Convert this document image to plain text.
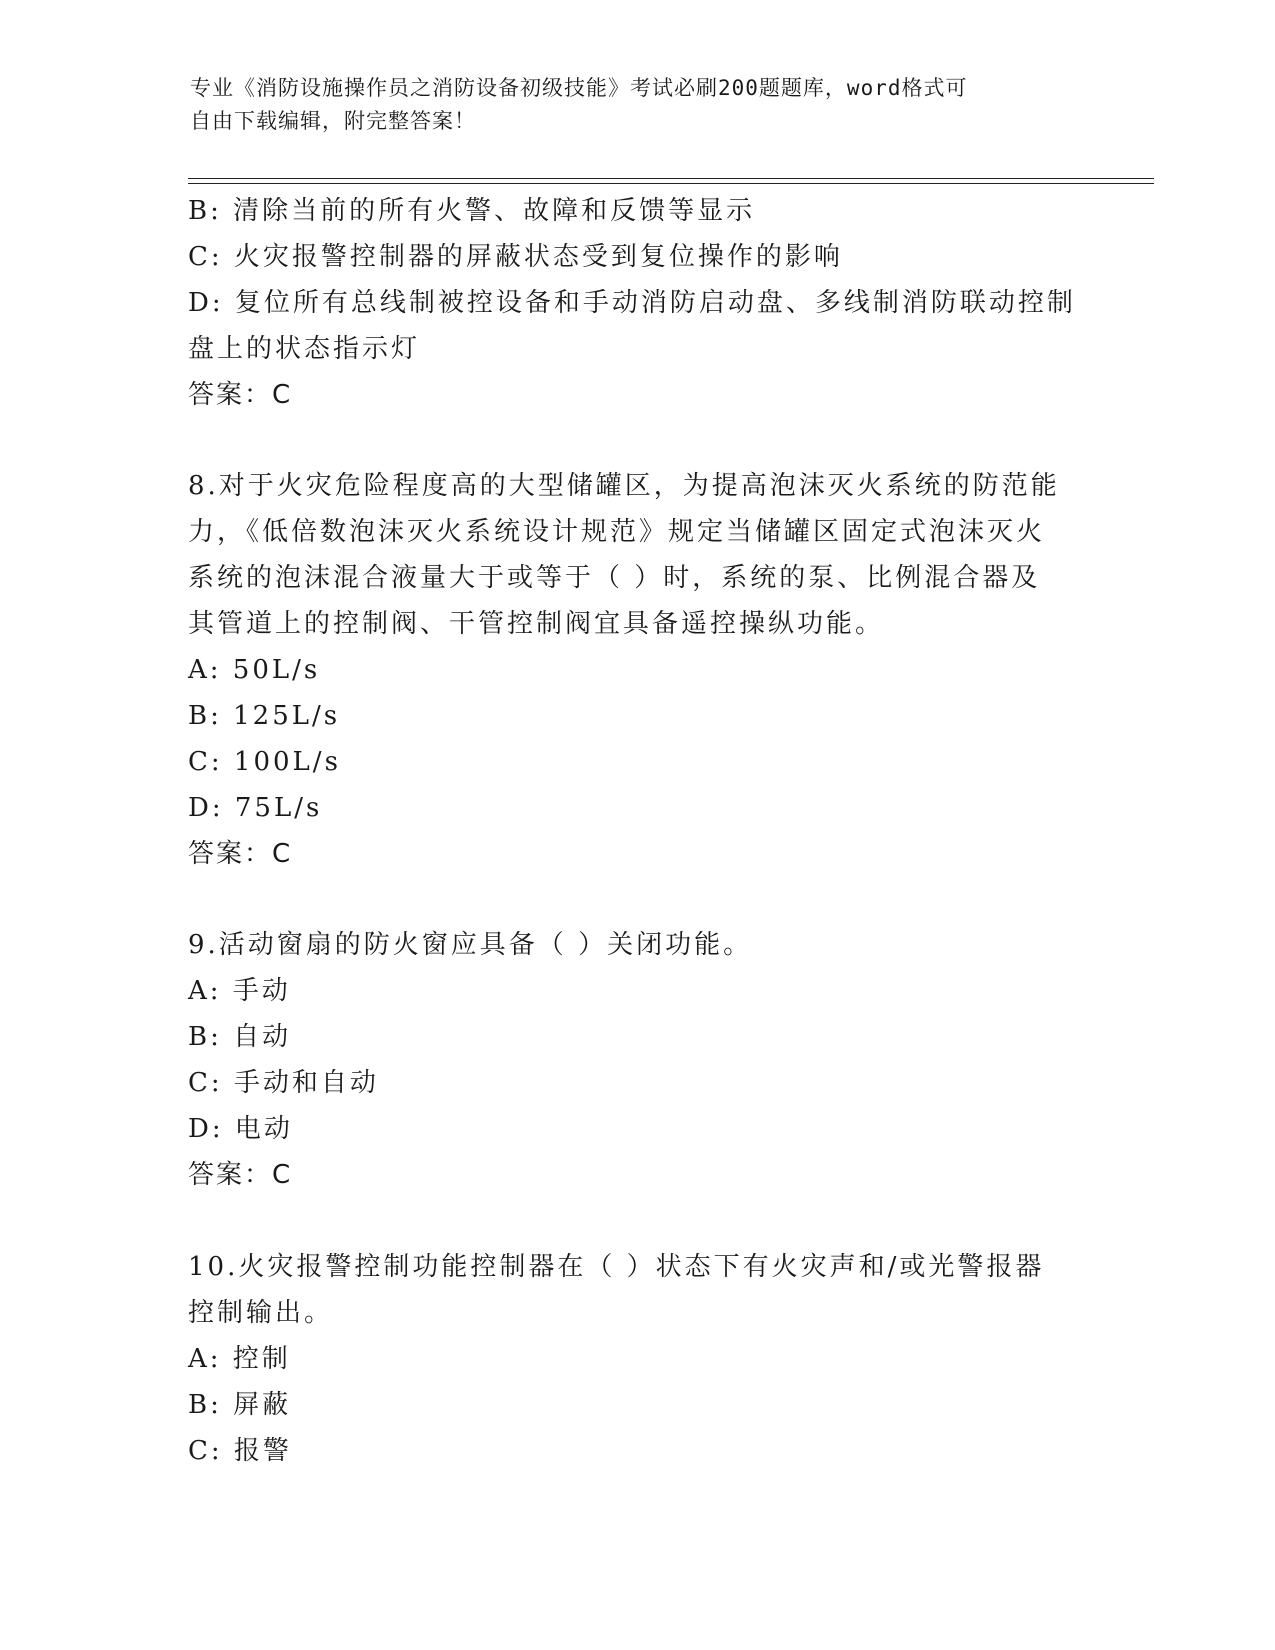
专业《消防设施操作员之消防设备初级技能》考试必刷200题题库，word格式可
自由下载编辑，附完整答案！
B: 清除当前的所有火警、故障和反馈等显示
C: 火灾报警控制器的屏蔽状态受到复位操作的影响
D: 复位所有总线制被控设备和手动消防启动盘、多线制消防联动控制
盘上的状态指示灯
答案：C
8.对于火灾危险程度高的大型储罐区，为提高泡沫灭火系统的防范能
力，《低倍数泡沫灭火系统设计规范》规定当储罐区固定式泡沫灭火
系统的泡沫混合液量大于或等于（ ）时，系统的泵、比例混合器及
其管道上的控制阀、干管控制阀宜具备遥控操纵功能。
A: 50L/s
B: 125L/s
C: 100L/s
D: 75L/s
答案：C
9.活动窗扇的防火窗应具备（ ）关闭功能。
A: 手动
B: 自动
C: 手动和自动
D: 电动
答案：C
10.火灾报警控制功能控制器在（ ）状态下有火灾声和/或光警报器
控制输出。
A: 控制
B: 屏蔽
C: 报警
